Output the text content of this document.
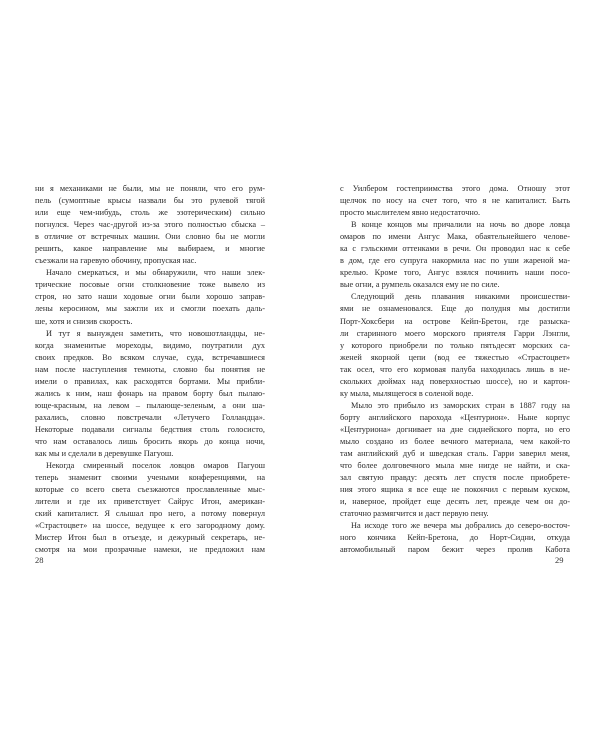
ни я механиками не были, мы не поняли, что его рум-
пель (сумоптные крысы назвали бы это рулевой тягой
или еще чем-нибудь, столь же эзотерическим) сильно
погнулся. Через час-другой из-за этого полностью сбыска –
в отличие от встречных машин. Они словно бы не могли
решить, какое направление мы выбираем, и многие
съезжали на гаревую обочину, пропуская нас.
Начало смеркаться, и мы обнаружили, что наши элек-
трические посовые огни столкновение тоже вывело из
строя, но зато наши ходовые огни были хорошо заправ-
лены керосином, мы зажгли их и смогли поехать даль-
ше, хотя и снизив скорость.
И тут я вынужден заметить, что новошотландцы, не-
когда знаменитые мореходы, видимо, поутратили дух
своих предков. Во всяком случае, суда, встречавшиеся
нам после наступления темноты, словно бы понятия не
имели о правилах, как расходятся бортами. Мы прибли-
жались к ним, наш фонарь на правом борту был пылаю-
юще-красным, на левом – пылающе-зеленым, а они ша-
рахались, словно повстречали «Летучего Голландца».
Некоторые подавали сигналы бедствия столь голосисто,
что нам оставалось лишь бросить якорь до конца ночи,
как мы и сделали в деревушке Пагуош.
Некогда смиренный поселок ловцов омаров Пагуош
теперь знаменит своими учеными конференциями, на
которые со всего света съезжаются прославленные мыс-
лители и где их приветствует Сайрус Итон, американ-
ский капиталист. Я слышал про него, а потому повернул
«Страстоцвет» на шоссе, ведущее к его загородному дому.
Мистер Итон был в отъезде, и дежурный секретарь, не-
смотря на мои прозрачные намеки, не предложил нам
с Уилбером гостеприимства этого дома. Отношу этот
щелчок по носу на счет того, что я не капиталист. Быть
просто мыслителем явно недостаточно.
В конце концов мы причалили на ночь во дворе ловца
омаров по имени Ангус Мака, обаятельнейшего челове-
ка с гэльскими оттенками в речи. Он проводил нас к себе
в дом, где его супруга накормила нас по уши жареной ма-
крелью. Кроме того, Ангус взялся починить наши посо-
вые огни, а румпель оказался ему не по силе.
Следующий день плавания никакими происшестви-
ями не ознаменовался. Еще до полудня мы достигли
Порт-Хоксбери на острове Кейп-Бретон, где разыска-
ли старинного моего морского приятеля Гарри Лэнгли,
у которого приобрели по только пятьдесят морских са-
женей якорной цепи (вод ее тяжестью «Страстоцвет»
так осел, что его кормовая палуба находилась лишь в не-
скольких дюймах над поверхностью шоссе), но и картон-
ку мыла, мылящегося в соленой воде.
Мыло это прибыло из заморских стран в 1887 году на
борту английского парохода «Центурион». Ныне корпус
«Центуриона» догнивает на дне сиднейского порта, но его
мыло создано из более вечного материала, чем какой-то
там английский дуб и шведская сталь. Гарри заверил меня,
что более долговечного мыла мне нигде не найти, и ска-
зал святую правду: десять лет спустя после приобрете-
ния этого ящика я все еще не покончил с первым куском,
и, наверное, пройдет еще десять лет, прежде чем он до-
статочно размягчится и даст первую пену.
На исходе того же вечера мы добрались до северо-восточ-
ного кончика Кейп-Бретона, до Норт-Сидни, откуда
автомобильный паром бежит через пролив Кабота
28	29
